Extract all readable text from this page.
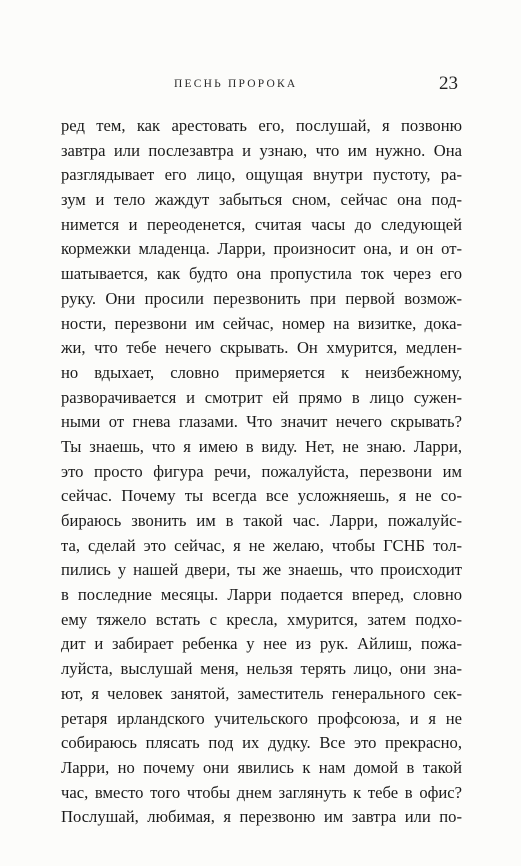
ПЕСНЬ ПРОРОКА	23
ред тем, как арестовать его, послушай, я позвоню
завтра или послезавтра и узнаю, что им нужно. Она
разглядывает его лицо, ощущая внутри пустоту, ра-
зум и тело жаждут забыться сном, сейчас она под-
нимется и переоденется, считая часы до следующей
кормежки младенца. Ларри, произносит она, и он от-
шатывается, как будто она пропустила ток через его
руку. Они просили перезвонить при первой возмож-
ности, перезвони им сейчас, номер на визитке, дока-
жи, что тебе нечего скрывать. Он хмурится, медлен-
но вдыхает, словно примеряется к неизбежному,
разворачивается и смотрит ей прямо в лицо сужен-
ными от гнева глазами. Что значит нечего скрывать?
Ты знаешь, что я имею в виду. Нет, не знаю. Ларри,
это просто фигура речи, пожалуйста, перезвони им
сейчас. Почему ты всегда все усложняешь, я не со-
бираюсь звонить им в такой час. Ларри, пожалуйс-
та, сделай это сейчас, я не желаю, чтобы ГСНБ тол-
пились у нашей двери, ты же знаешь, что происходит
в последние месяцы. Ларри подается вперед, словно
ему тяжело встать с кресла, хмурится, затем подхо-
дит и забирает ребенка у нее из рук. Айлиш, пожа-
луйста, выслушай меня, нельзя терять лицо, они зна-
ют, я человек занятой, заместитель генерального сек-
ретаря ирландского учительского профсоюза, и я не
собираюсь плясать под их дудку. Все это прекрасно,
Ларри, но почему они явились к нам домой в такой
час, вместо того чтобы днем заглянуть к тебе в офис?
Послушай, любимая, я перезвоню им завтра или по-
